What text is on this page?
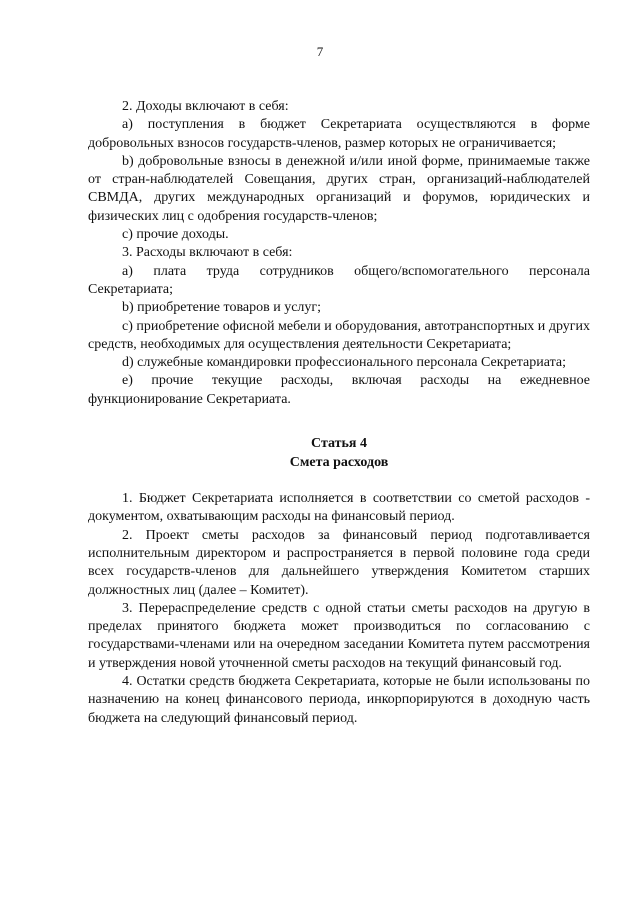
7

2. Доходы включают в себя:

а) поступления в бюджет Секретариата осуществляются в форме добровольных взносов государств-членов, размер которых не ограничивается;

b) добровольные взносы в денежной и/или иной форме, принимаемые также от стран-наблюдателей Совещания, других стран, организаций-наблюдателей СВМДА, других международных организаций и форумов, юридических и физических лиц с одобрения государств-членов;

с) прочие доходы.

3. Расходы включают в себя:

а) плата труда сотрудников общего/вспомогательного персонала Секретариата;

b) приобретение товаров и услуг;

с) приобретение офисной мебели и оборудования, автотранспортных и других средств, необходимых для осуществления деятельности Секретариата;

d) служебные командировки профессионального персонала Секретариата;

е) прочие текущие расходы, включая расходы на ежедневное функционирование Секретариата.

Статья 4

Смета расходов

1. Бюджет Секретариата исполняется в соответствии со сметой расходов - документом, охватывающим расходы на финансовый период.

2. Проект сметы расходов за финансовый период подготавливается исполнительным директором и распространяется в первой половине года среди всех государств-членов для дальнейшего утверждения Комитетом старших должностных лиц (далее – Комитет).

3. Перераспределение средств с одной статьи сметы расходов на другую в пределах принятого бюджета может производиться по согласованию с государствами-членами или на очередном заседании Комитета путем рассмотрения и утверждения новой уточненной сметы расходов на текущий финансовый год.

4. Остатки средств бюджета Секретариата, которые не были использованы по назначению на конец финансового периода, инкорпорируются в доходную часть бюджета на следующий финансовый период.
